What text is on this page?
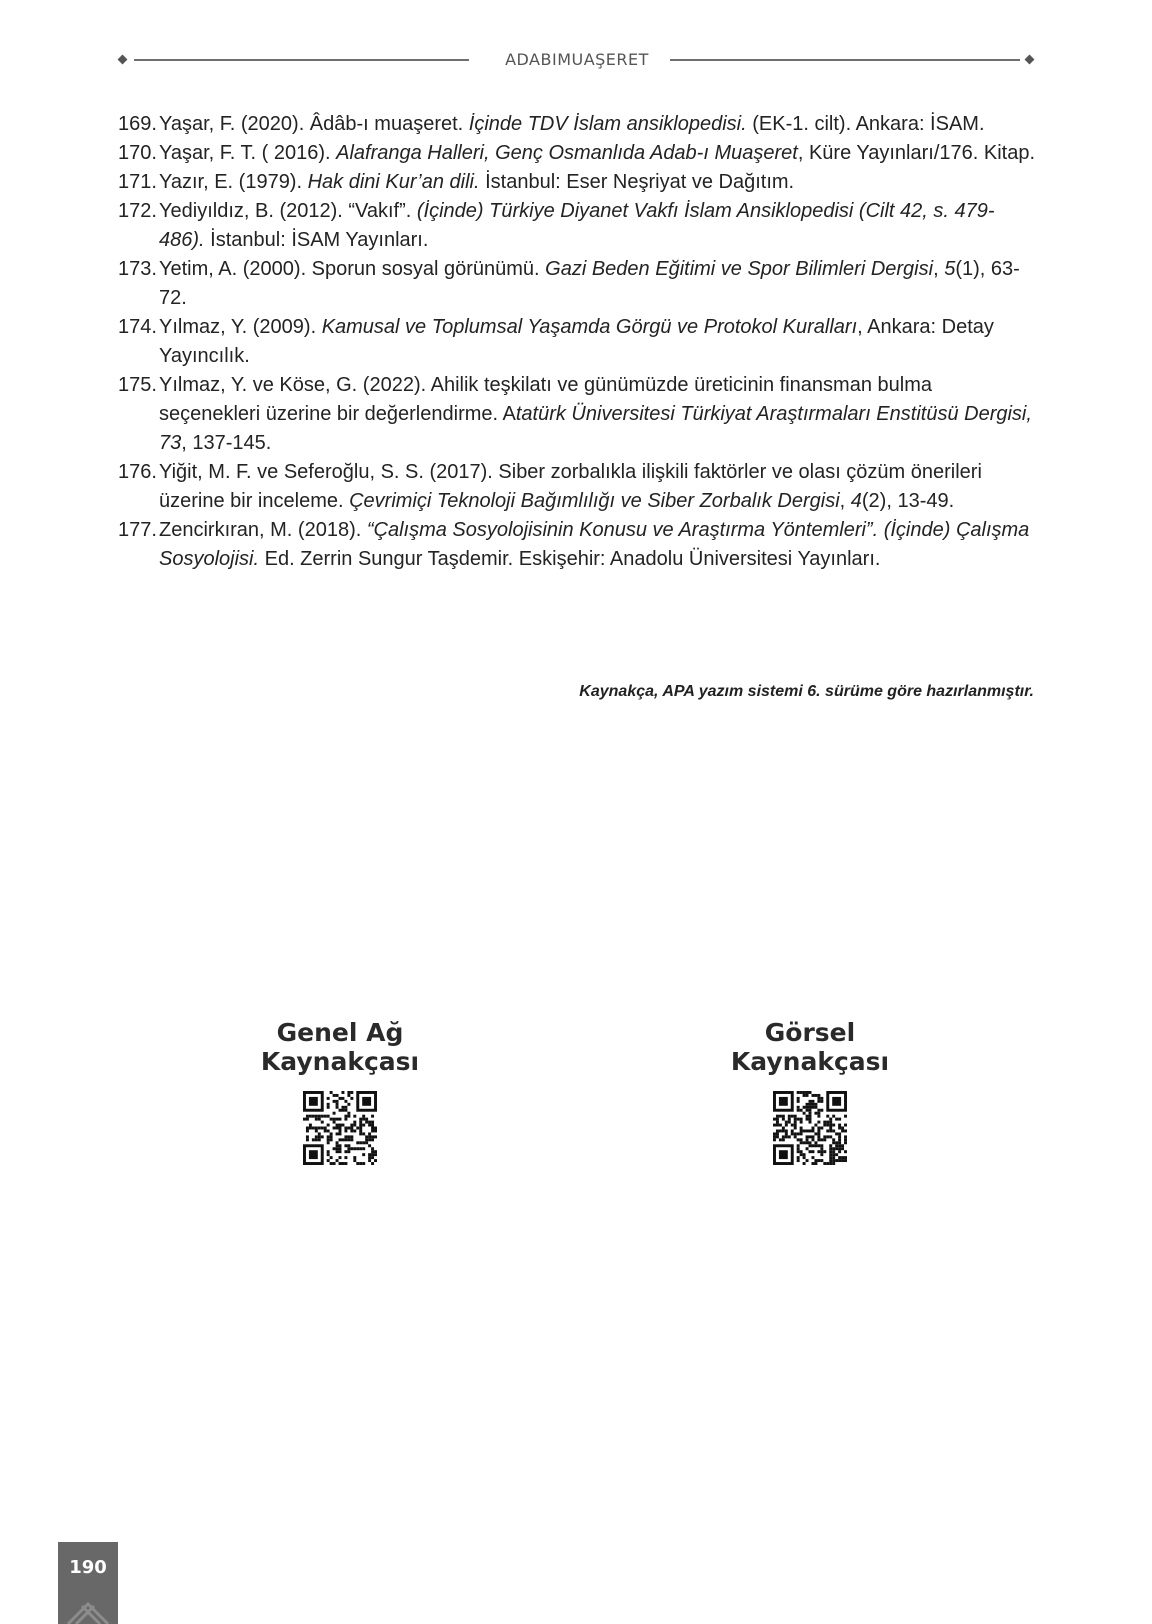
ADABIMUAŞERET
169. Yaşar, F. (2020). Âdâb-ı muaşeret. İçinde TDV İslam ansiklopedisi. (EK-1. cilt). Ankara: İSAM.
170. Yaşar, F. T. ( 2016). Alafranga Halleri, Genç Osmanlıda Adab-ı Muaşeret, Küre Yayınları/176. Kitap.
171. Yazır, E. (1979). Hak dini Kur’an dili. İstanbul: Eser Neşriyat ve Dağıtım.
172. Yediyıldız, B. (2012). “Vakıf”. (İçinde) Türkiye Diyanet Vakfı İslam Ansiklopedisi (Cilt 42, s. 479-486). İstanbul: İSAM Yayınları.
173. Yetim, A. (2000). Sporun sosyal görünümü. Gazi Beden Eğitimi ve Spor Bilimleri Dergisi, 5(1), 63-72.
174. Yılmaz, Y. (2009). Kamusal ve Toplumsal Yaşamda Görgü ve Protokol Kuralları, Ankara: Detay Yayıncılık.
175. Yılmaz, Y. ve Köse, G. (2022). Ahilik teşkilatı ve günümüzde üreticinin finansman bulma seçenekleri üzerine bir değerlendirme. Atatürk Üniversitesi Türkiyat Araştırmaları Enstitüsü Dergisi, 73, 137-145.
176. Yiğit, M. F. ve Seferoğlu, S. S. (2017). Siber zorbalıkla ilişkili faktörler ve olası çözüm önerileri üzerine bir inceleme. Çevrimiçi Teknoloji Bağımlılığı ve Siber Zorbalık Dergisi, 4(2), 13-49.
177. Zencirkıran, M. (2018). “Çalışma Sosyolojisinin Konusu ve Araştırma Yöntemleri”. (İçinde) Çalışma Sosyolojisi. Ed. Zerrin Sungur Taşdemir. Eskişehir: Anadolu Üniversitesi Yayınları.
Kaynakça, APA yazım sistemi 6. sürüme göre hazırlanmıştır.

Genel Ağ
Kaynakçası

Görsel
Kaynakçası

190
